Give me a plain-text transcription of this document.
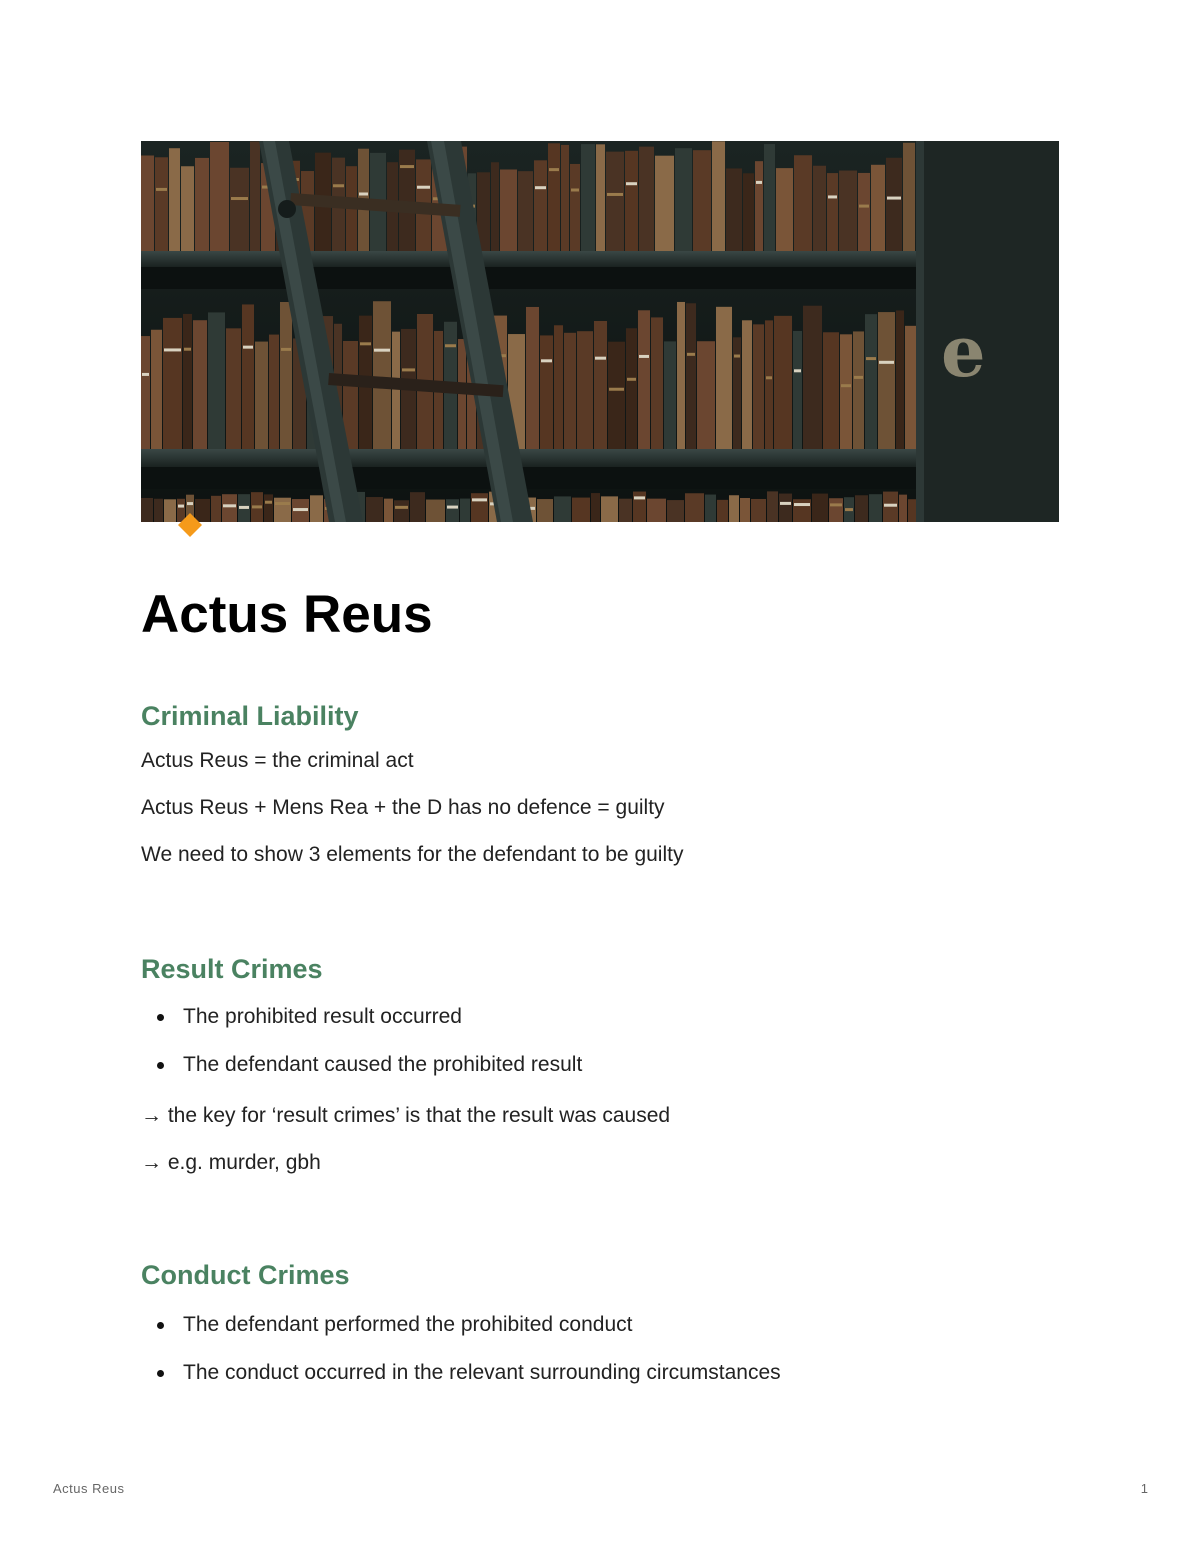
e
Actus Reus
Criminal Liability

Actus Reus = the criminal act

Actus Reus + Mens Rea + the D has no defence = guilty

We need to show 3 elements for the defendant to be guilty

Result Crimes
The prohibited result occurred
The defendant caused the prohibited result

→ the key for ‘result crimes’ is that the result was caused

→ e.g. murder, gbh

Conduct Crimes
The defendant performed the prohibited conduct
The conduct occurred in the relevant surrounding circumstances
Actus Reus	1
